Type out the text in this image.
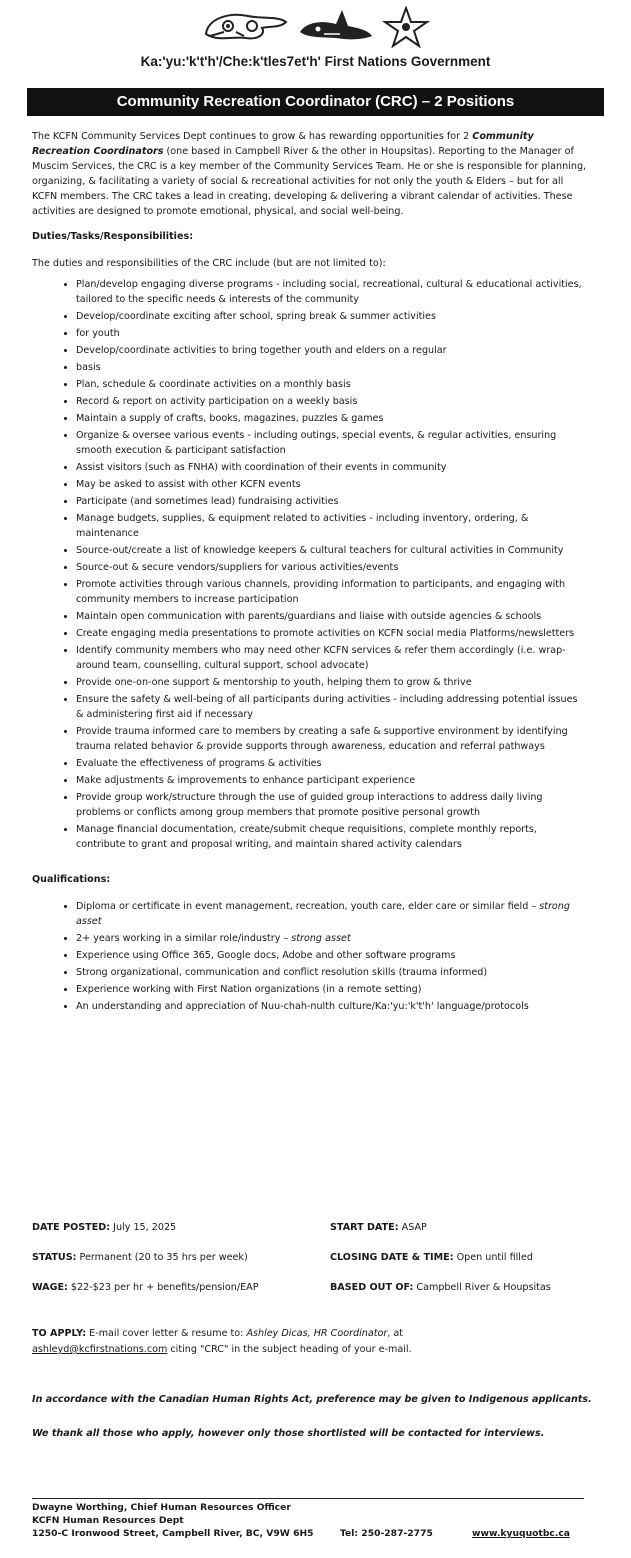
Ka:'yu:'k't'h'/Che:k'tles7et'h' First Nations Government
Community Recreation Coordinator (CRC) – 2 Positions

The KCFN Community Services Dept continues to grow & has rewarding opportunities for 2 Community Recreation Coordinators (one based in Campbell River & the other in Houpsitas). Reporting to the Manager of Muscim Services, the CRC is a key member of the Community Services Team. He or she is responsible for planning, organizing, & facilitating a variety of social & recreational activities for not only the youth & Elders – but for all KCFN members. The CRC takes a lead in creating, developing & delivering a vibrant calendar of activities. These activities are designed to promote emotional, physical, and social well-being.

Duties/Tasks/Responsibilities:
The duties and responsibilities of the CRC include (but are not limited to):
• Plan/develop engaging diverse programs - including social, recreational, cultural & educational activities, tailored to the specific needs & interests of the community
• Develop/coordinate exciting after school, spring break & summer activities
• for youth
• Develop/coordinate activities to bring together youth and elders on a regular
• basis
• Plan, schedule & coordinate activities on a monthly basis
• Record & report on activity participation on a weekly basis
• Maintain a supply of crafts, books, magazines, puzzles & games
• Organize & oversee various events - including outings, special events, & regular activities, ensuring smooth execution & participant satisfaction
• Assist visitors (such as FNHA) with coordination of their events in community
• May be asked to assist with other KCFN events
• Participate (and sometimes lead) fundraising activities
• Manage budgets, supplies, & equipment related to activities - including inventory, ordering, & maintenance
• Source-out/create a list of knowledge keepers & cultural teachers for cultural activities in Community
• Source-out & secure vendors/suppliers for various activities/events
• Promote activities through various channels, providing information to participants, and engaging with community members to increase participation
• Maintain open communication with parents/guardians and liaise with outside agencies & schools
• Create engaging media presentations to promote activities on KCFN social media Platforms/newsletters
• Identify community members who may need other KCFN services & refer them accordingly (i.e. wrap-around team, counselling, cultural support, school advocate)
• Provide one-on-one support & mentorship to youth, helping them to grow & thrive
• Ensure the safety & well-being of all participants during activities - including addressing potential issues & administering first aid if necessary
• Provide trauma informed care to members by creating a safe & supportive environment by identifying trauma related behavior & provide supports through awareness, education and referral pathways
• Evaluate the effectiveness of programs & activities
• Make adjustments & improvements to enhance participant experience
• Provide group work/structure through the use of guided group interactions to address daily living problems or conflicts among group members that promote positive personal growth
• Manage financial documentation, create/submit cheque requisitions, complete monthly reports, contribute to grant and proposal writing, and maintain shared activity calendars
Qualifications:
• Diploma or certificate in event management, recreation, youth care, elder care or similar field – strong asset
• 2+ years working in a similar role/industry – strong asset
• Experience using Office 365, Google docs, Adobe and other software programs
• Strong organizational, communication and conflict resolution skills (trauma informed)
• Experience working with First Nation organizations (in a remote setting)
• An understanding and appreciation of Nuu-chah-nulth culture/Ka:'yu:'k't'h' language/protocols
DATE POSTED: July 15, 2025	START DATE: ASAP
STATUS: Permanent (20 to 35 hrs per week)	CLOSING DATE & TIME: Open until filled
WAGE: $22-$23 per hr + benefits/pension/EAP	BASED OUT OF: Campbell River & Houpsitas
TO APPLY: E-mail cover letter & resume to: Ashley Dicas, HR Coordinator, at
ashleyd@kcfirstnations.com citing "CRC" in the subject heading of your e-mail.
In accordance with the Canadian Human Rights Act, preference may be given to Indigenous applicants.
We thank all those who apply, however only those shortlisted will be contacted for interviews.
Dwayne Worthing, Chief Human Resources Officer
KCFN Human Resources Dept
1250-C Ironwood Street, Campbell River, BC, V9W 6H5	Tel: 250-287-2775	www.kyuquotbc.ca
